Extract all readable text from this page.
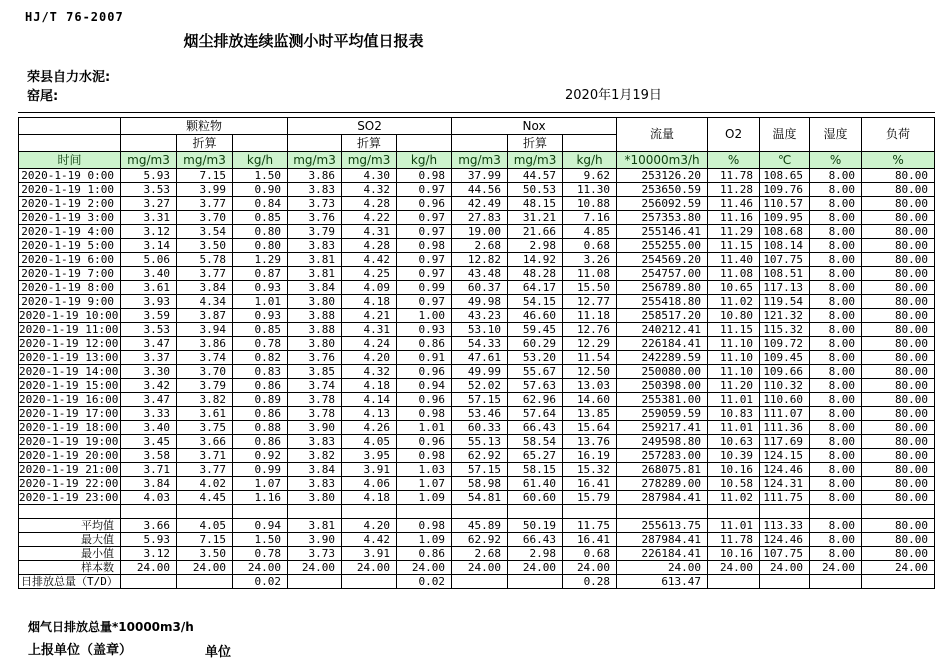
HJ/T 76-2007
烟尘排放连续监测小时平均值日报表
荣县自力水泥:
窑尾:	2020年1月19日
	颗粒物			SO2			Nox			流量	O2	温度	湿度	负荷
		折算			折算			折算						
时间	mg/m3	mg/m3	kg/h	mg/m3	mg/m3	kg/h	mg/m3	mg/m3	kg/h	*10000m3/h	%	℃	%	%
2020-1-19 0:00	5.93	7.15	1.50	3.86	4.30	0.98	37.99	44.57	9.62	253126.20	11.78	108.65	8.00	80.00
2020-1-19 1:00	3.53	3.99	0.90	3.83	4.32	0.97	44.56	50.53	11.30	253650.59	11.28	109.76	8.00	80.00
2020-1-19 2:00	3.27	3.77	0.84	3.73	4.28	0.96	42.49	48.15	10.88	256092.59	11.46	110.57	8.00	80.00
2020-1-19 3:00	3.31	3.70	0.85	3.76	4.22	0.97	27.83	31.21	7.16	257353.80	11.16	109.95	8.00	80.00
2020-1-19 4:00	3.12	3.54	0.80	3.79	4.31	0.97	19.00	21.66	4.85	255146.41	11.29	108.68	8.00	80.00
2020-1-19 5:00	3.14	3.50	0.80	3.83	4.28	0.98	2.68	2.98	0.68	255255.00	11.15	108.14	8.00	80.00
2020-1-19 6:00	5.06	5.78	1.29	3.81	4.42	0.97	12.82	14.92	3.26	254569.20	11.40	107.75	8.00	80.00
2020-1-19 7:00	3.40	3.77	0.87	3.81	4.25	0.97	43.48	48.28	11.08	254757.00	11.08	108.51	8.00	80.00
2020-1-19 8:00	3.61	3.84	0.93	3.84	4.09	0.99	60.37	64.17	15.50	256789.80	10.65	117.13	8.00	80.00
2020-1-19 9:00	3.93	4.34	1.01	3.80	4.18	0.97	49.98	54.15	12.77	255418.80	11.02	119.54	8.00	80.00
2020-1-19 10:00	3.59	3.87	0.93	3.88	4.21	1.00	43.23	46.60	11.18	258517.20	10.80	121.32	8.00	80.00
2020-1-19 11:00	3.53	3.94	0.85	3.88	4.31	0.93	53.10	59.45	12.76	240212.41	11.15	115.32	8.00	80.00
2020-1-19 12:00	3.47	3.86	0.78	3.80	4.24	0.86	54.33	60.29	12.29	226184.41	11.10	109.72	8.00	80.00
2020-1-19 13:00	3.37	3.74	0.82	3.76	4.20	0.91	47.61	53.20	11.54	242289.59	11.10	109.45	8.00	80.00
2020-1-19 14:00	3.30	3.70	0.83	3.85	4.32	0.96	49.99	55.67	12.50	250080.00	11.10	109.66	8.00	80.00
2020-1-19 15:00	3.42	3.79	0.86	3.74	4.18	0.94	52.02	57.63	13.03	250398.00	11.20	110.32	8.00	80.00
2020-1-19 16:00	3.47	3.82	0.89	3.78	4.14	0.96	57.15	62.96	14.60	255381.00	11.01	110.60	8.00	80.00
2020-1-19 17:00	3.33	3.61	0.86	3.78	4.13	0.98	53.46	57.64	13.85	259059.59	10.83	111.07	8.00	80.00
2020-1-19 18:00	3.40	3.75	0.88	3.90	4.26	1.01	60.33	66.43	15.64	259217.41	11.01	111.36	8.00	80.00
2020-1-19 19:00	3.45	3.66	0.86	3.83	4.05	0.96	55.13	58.54	13.76	249598.80	10.63	117.69	8.00	80.00
2020-1-19 20:00	3.58	3.71	0.92	3.82	3.95	0.98	62.92	65.27	16.19	257283.00	10.39	124.15	8.00	80.00
2020-1-19 21:00	3.71	3.77	0.99	3.84	3.91	1.03	57.15	58.15	15.32	268075.81	10.16	124.46	8.00	80.00
2020-1-19 22:00	3.84	4.02	1.07	3.83	4.06	1.07	58.98	61.40	16.41	278289.00	10.58	124.31	8.00	80.00
2020-1-19 23:00	4.03	4.45	1.16	3.80	4.18	1.09	54.81	60.60	15.79	287984.41	11.02	111.75	8.00	80.00

平均值	3.66	4.05	0.94	3.81	4.20	0.98	45.89	50.19	11.75	255613.75	11.01	113.33	8.00	80.00
最大值	5.93	7.15	1.50	3.90	4.42	1.09	62.92	66.43	16.41	287984.41	11.78	124.46	8.00	80.00
最小值	3.12	3.50	0.78	3.73	3.91	0.86	2.68	2.98	0.68	226184.41	10.16	107.75	8.00	80.00
样本数	24.00	24.00	24.00	24.00	24.00	24.00	24.00	24.00	24.00	24.00	24.00	24.00	24.00	24.00
日排放总量（T/D）			0.02			0.02			0.28	613.47				
烟气日排放总量*10000m3/h
上报单位（盖章）	单位
